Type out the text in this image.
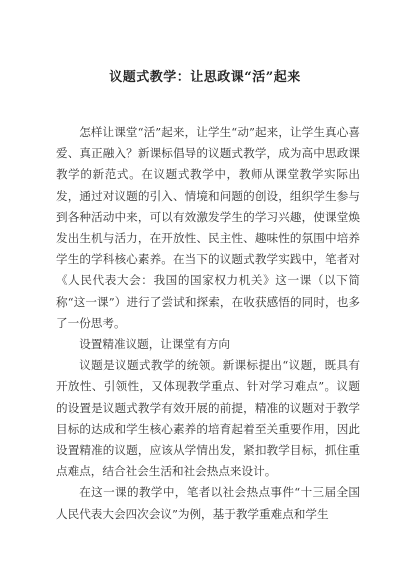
议题式教学：让思政课“活”起来

怎样让课堂“活”起来，让学生“动”起来，让学生真心喜爱、真正融入？新课标倡导的议题式教学，成为高中思政课教学的新范式。在议题式教学中，教师从课堂教学实际出发，通过对议题的引入、情境和问题的创设，组织学生参与到各种活动中来，可以有效激发学生的学习兴趣，使课堂焕发出生机与活力，在开放性、民主性、趣味性的氛围中培养学生的学科核心素养。在当下的议题式教学实践中，笔者对《人民代表大会：我国的国家权力机关》这一课（以下简称“这一课”）进行了尝试和探索，在收获感悟的同时，也多了一份思考。

设置精准议题，让课堂有方向

议题是议题式教学的统领。新课标提出“议题，既具有开放性、引领性，又体现教学重点、针对学习难点”。议题的设置是议题式教学有效开展的前提，精准的议题对于教学目标的达成和学生核心素养的培育起着至关重要作用，因此设置精准的议题，应该从学情出发，紧扣教学目标，抓住重点难点，结合社会生活和社会热点来设计。

在这一课的教学中，笔者以社会热点事件“十三届全国人民代表大会四次会议”为例，基于教学重难点和学生
